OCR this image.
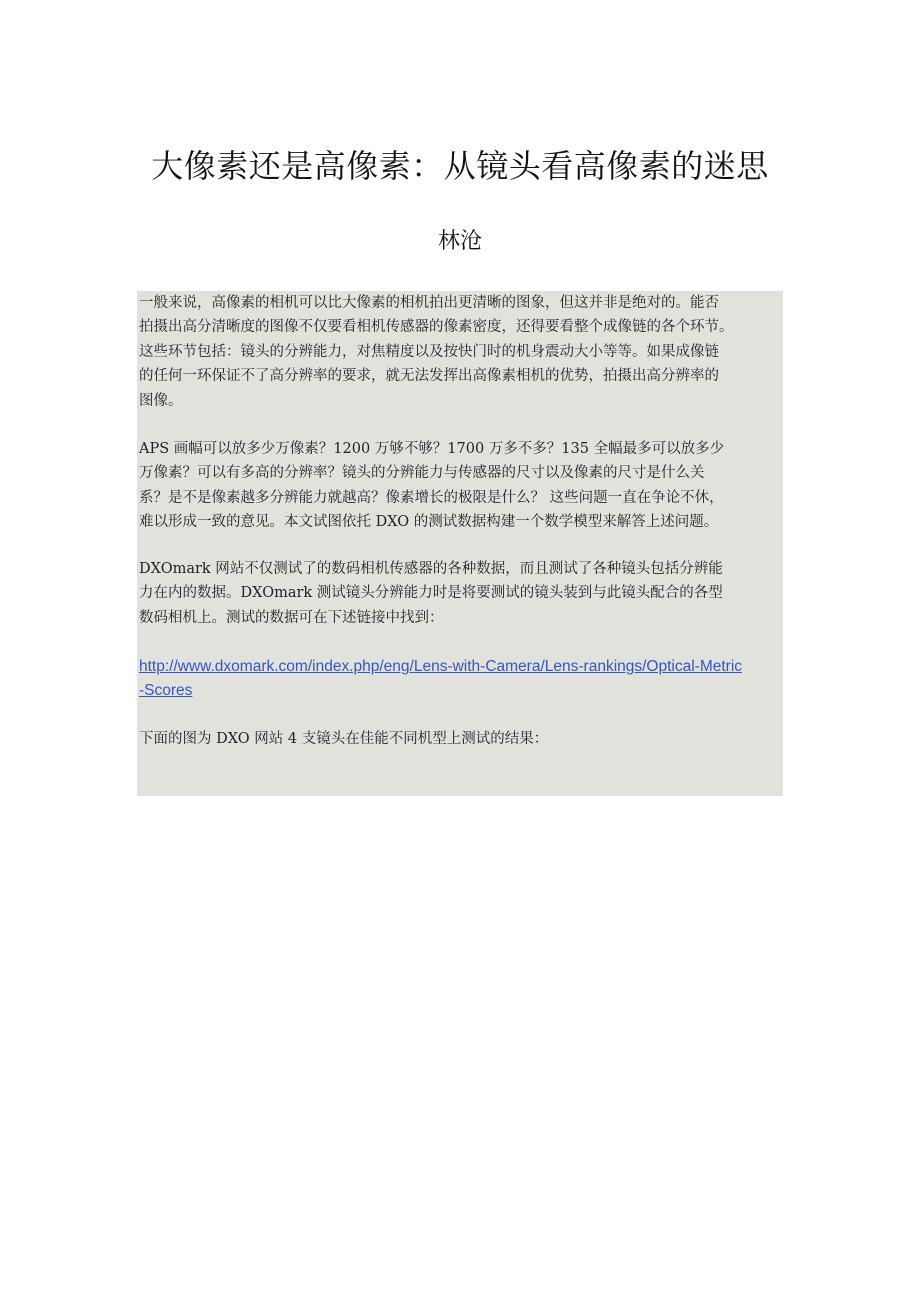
大像素还是高像素：从镜头看高像素的迷思
林沧

一般来说，高像素的相机可以比大像素的相机拍出更清晰的图象，但这并非是绝对的。能否
拍摄出高分清晰度的图像不仅要看相机传感器的像素密度，还得要看整个成像链的各个环节。
这些环节包括：镜头的分辨能力，对焦精度以及按快门时的机身震动大小等等。如果成像链
的任何一环保证不了高分辨率的要求，就无法发挥出高像素相机的优势，拍摄出高分辨率的
图像。

APS 画幅可以放多少万像素？1200 万够不够？1700 万多不多？135 全幅最多可以放多少
万像素？可以有多高的分辨率？镜头的分辨能力与传感器的尺寸以及像素的尺寸是什么关
系？是不是像素越多分辨能力就越高？像素增长的极限是什么？ 这些问题一直在争论不休，
难以形成一致的意见。本文试图依托 DXO 的测试数据构建一个数学模型来解答上述问题。

DXOmark 网站不仅测试了的数码相机传感器的各种数据，而且测试了各种镜头包括分辨能
力在内的数据。DXOmark 测试镜头分辨能力时是将要测试的镜头装到与此镜头配合的各型
数码相机上。测试的数据可在下述链接中找到：

http://www.dxomark.com/index.php/eng/Lens-with-Camera/Lens-rankings/Optical-Metric
-Scores

下面的图为 DXO 网站 4 支镜头在佳能不同机型上测试的结果：
